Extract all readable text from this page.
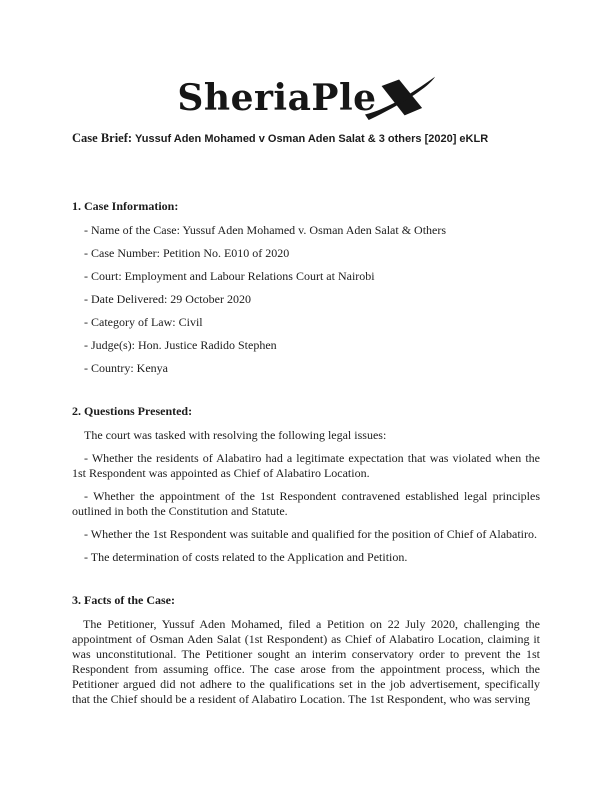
SheriaPle

Case Brief: Yussuf Aden Mohamed v Osman Aden Salat & 3 others [2020] eKLR

1. Case Information:

- Name of the Case: Yussuf Aden Mohamed v. Osman Aden Salat & Others

- Case Number: Petition No. E010 of 2020

- Court: Employment and Labour Relations Court at Nairobi

- Date Delivered: 29 October 2020

- Category of Law: Civil

- Judge(s): Hon. Justice Radido Stephen

- Country: Kenya

2. Questions Presented:

The court was tasked with resolving the following legal issues:

- Whether the residents of Alabatiro had a legitimate expectation that was violated when the 1st Respondent was appointed as Chief of Alabatiro Location.

- Whether the appointment of the 1st Respondent contravened established legal principles outlined in both the Constitution and Statute.

- Whether the 1st Respondent was suitable and qualified for the position of Chief of Alabatiro.

- The determination of costs related to the Application and Petition.

3. Facts of the Case:

The Petitioner, Yussuf Aden Mohamed, filed a Petition on 22 July 2020, challenging the appointment of Osman Aden Salat (1st Respondent) as Chief of Alabatiro Location, claiming it was unconstitutional. The Petitioner sought an interim conservatory order to prevent the 1st Respondent from assuming office. The case arose from the appointment process, which the Petitioner argued did not adhere to the qualifications set in the job advertisement, specifically that the Chief should be a resident of Alabatiro Location. The 1st Respondent, who was serving
